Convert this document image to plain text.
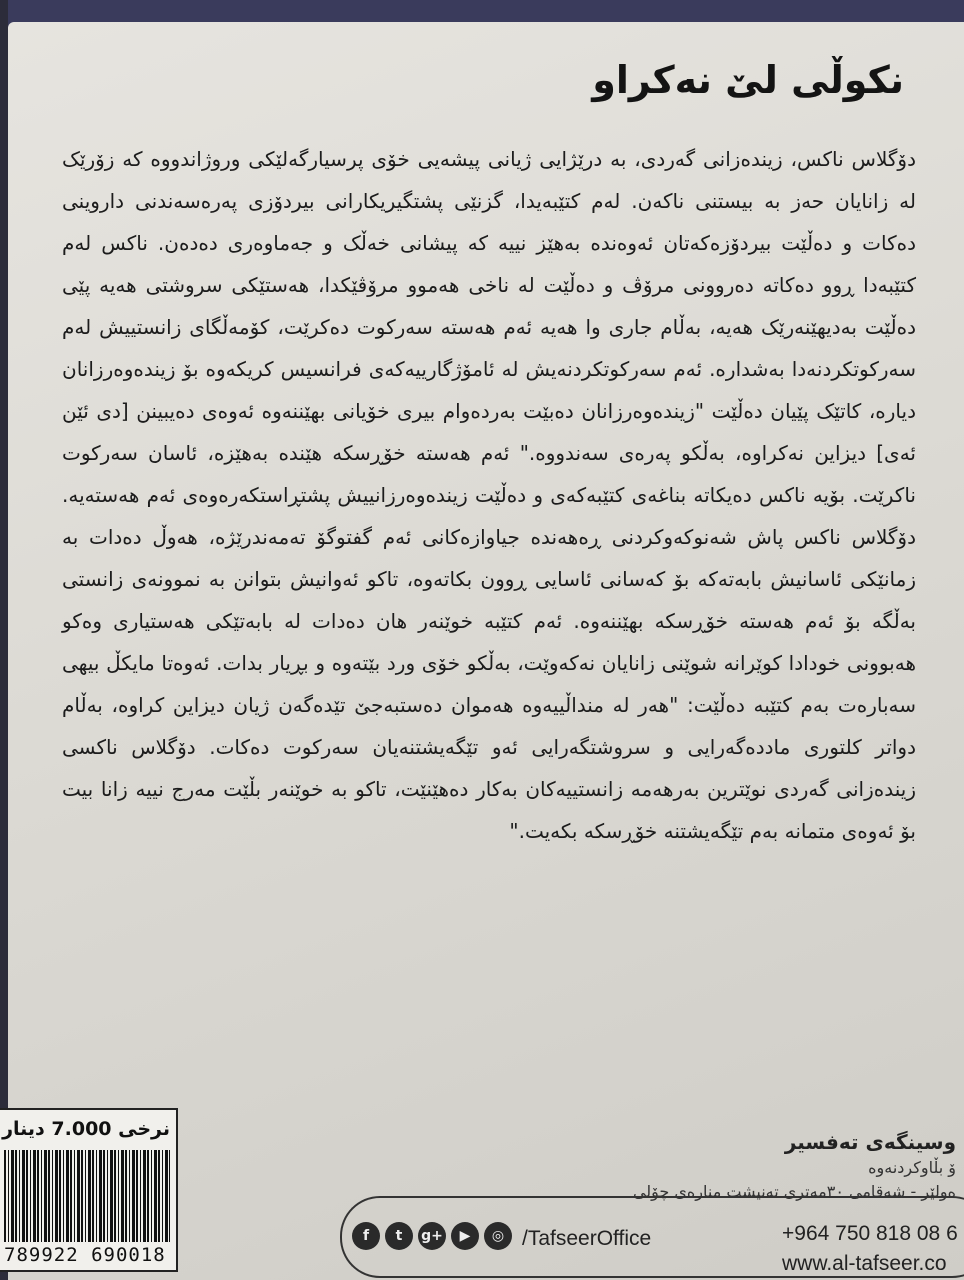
نکوڵی لێ نەکراو

دۆگلاس ناکس، زیندەزانی گەردی، بە درێژایی ژیانی پیشەیی خۆی پرسیارگەلێکی وروژاندووە کە زۆرێک لە زانایان حەز بە بیستنی ناکەن. لەم کتێبەیدا، گزنێی پشتگیریکارانی بیردۆزی پەرەسەندنی داروینی دەکات و دەڵێت بیردۆزەکەتان ئەوەندە بەهێز نییە کە پیشانی خەڵک و جەماوەری دەدەن. ناکس لەم کتێبەدا ڕوو دەکاتە دەروونی مرۆڤ و دەڵێت لە ناخی هەموو مرۆڤێکدا، هەستێکی سروشتی هەیە پێی دەڵێت بەدیهێنەرێک هەیە، بەڵام جاری وا هەیە ئەم هەستە سەرکوت دەکرێت، کۆمەڵگای زانستییش لەم سەرکوتکردنەدا بەشدارە. ئەم سەرکوتکردنەیش لە ئامۆژگارییەکەی فرانسیس کریکەوە بۆ زیندەوەرزانان دیارە، کاتێک پێیان دەڵێت "زیندەوەرزانان دەبێت بەردەوام بیری خۆیانی بهێننەوە ئەوەی دەیبینن [دی ئێن ئەی] دیزاین نەکراوە، بەڵکو پەرەی سەندووە." ئەم هەستە خۆڕسکە هێندە بەهێزە، ئاسان سەرکوت ناکرێت. بۆیە ناکس دەیکاتە بناغەی کتێبەکەی و دەڵێت زیندەوەرزانییش پشتڕاستکەرەوەی ئەم هەستەیە. دۆگلاس ناکس پاش شەنوکەوکردنی ڕەهەندە جیاوازەکانی ئەم گفتوگۆ تەمەندرێژە، هەوڵ دەدات بە زمانێکی ئاسانیش بابەتەکە بۆ کەسانی ئاسایی ڕوون بکاتەوە، تاکو ئەوانیش بتوانن بە نموونەی زانستی بەڵگە بۆ ئەم هەستە خۆڕسکە بهێننەوە. ئەم کتێبە خوێنەر هان دەدات لە بابەتێکی هەستیاری وەکو هەبوونی خودادا کوێرانە شوێنی زانایان نەکەوێت، بەڵکو خۆی ورد بێتەوە و بڕیار بدات. ئەوەتا مایکڵ بیهی سەبارەت بەم کتێبە دەڵێت: "هەر لە منداڵییەوە هەموان دەستبەجێ تێدەگەن ژیان دیزاین کراوە، بەڵام دواتر کلتوری ماددەگەرایی و سروشتگەرایی ئەو تێگەیشتنەیان سەرکوت دەکات. دۆگلاس ناکسی زیندەزانی گەردی نوێترین بەرهەمە زانستییەکان بەکار دەهێنێت، تاکو بە خوێنەر بڵێت مەرج نییە زانا بیت بۆ ئەوەی متمانە بەم تێگەیشتنە خۆڕسکە بکەیت."

نرخی 7.000 دینار
789922 690018
وسینگەی تەفسیر
ۆ بڵاوکردنەوە
ەولێر - شەقامی ٣٠مەتری تەنیشت منارەی چۆلی
f	t	g+	▶	◎ /TafseerOffice	+964 750 818 08 6
www.al-tafseer.co
